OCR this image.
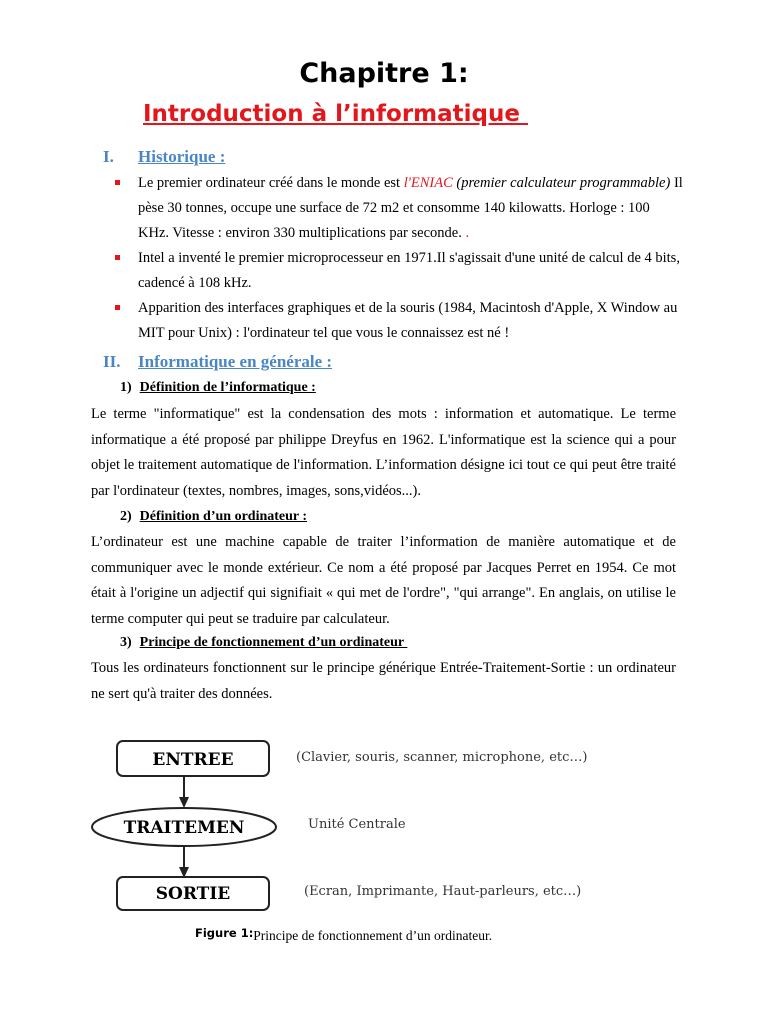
Chapitre 1:
Introduction à l’informatique
I. Historique :
Le premier ordinateur créé dans le monde est l'ENIAC (premier calculateur programmable) Il pèse 30 tonnes, occupe une surface de 72 m2 et consomme 140 kilowatts. Horloge : 100 KHz. Vitesse : environ 330 multiplications par seconde. .
Intel a inventé le premier microprocesseur en 1971.Il s'agissait d'une unité de calcul de 4 bits, cadencé à 108 kHz.
Apparition des interfaces graphiques et de la souris (1984, Macintosh d'Apple, X Window au MIT pour Unix) : l'ordinateur tel que vous le connaissez est né !
II. Informatique en générale :
1) Définition de l’informatique :
Le terme "informatique" est la condensation des mots : information et automatique. Le terme informatique a été proposé par philippe Dreyfus en 1962. L'informatique est la science qui a pour objet le traitement automatique de l'information. L’information désigne ici tout ce qui peut être traité par l'ordinateur (textes, nombres, images, sons,vidéos...).
2) Définition d’un ordinateur :
L’ordinateur est une machine capable de traiter l’information de manière automatique et de communiquer avec le monde extérieur. Ce nom a été proposé par Jacques Perret en 1954. Ce mot était à l'origine un adjectif qui signifiait « qui met de l'ordre", "qui arrange". En anglais, on utilise le terme computer qui peut se traduire par calculateur.
3) Principe de fonctionnement d’un ordinateur
Tous les ordinateurs fonctionnent sur le principe générique Entrée-Traitement-Sortie : un ordinateur ne sert qu'à traiter des données.
ENTREE	(Clavier, souris, scanner, microphone, etc…)
TRAITEMEN	Unité Centrale
SORTIE	(Ecran, Imprimante, Haut-parleurs, etc…)
Figure 1:Principe de fonctionnement d’un ordinateur.
